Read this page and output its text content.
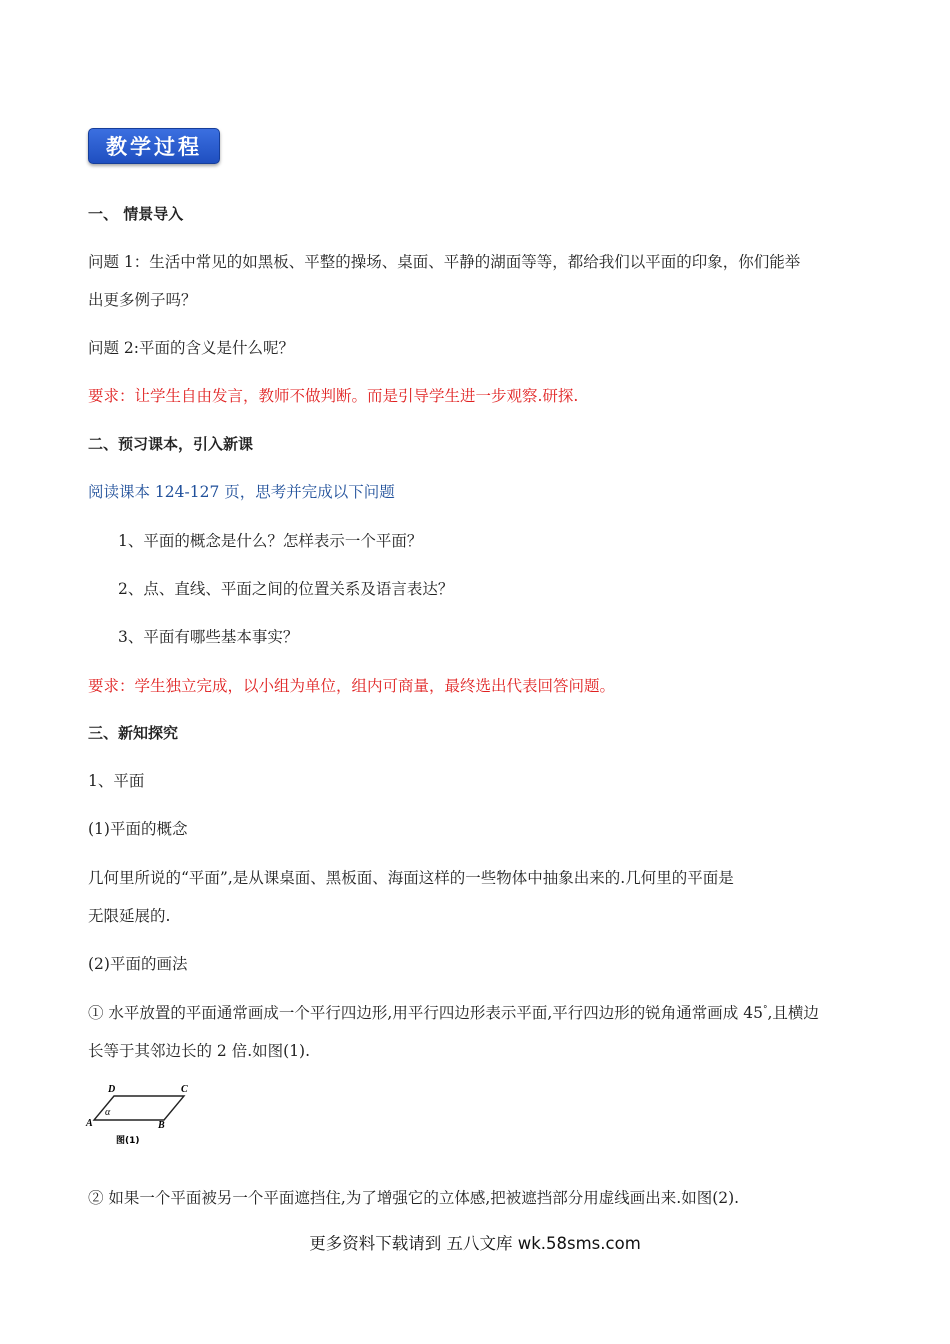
教学过程
一、 情景导入
问题 1：生活中常见的如黑板、平整的操场、桌面、平静的湖面等等，都给我们以平面的印象，你们能举
出更多例子吗？
问题 2:平面的含义是什么呢？
要求：让学生自由发言，教师不做判断。而是引导学生进一步观察.研探.
二、预习课本，引入新课
阅读课本 124-127 页，思考并完成以下问题
1、平面的概念是什么？怎样表示一个平面？
2、点、直线、平面之间的位置关系及语言表达？
3、平面有哪些基本事实？
要求：学生独立完成，以小组为单位，组内可商量，最终选出代表回答问题。
三、新知探究
1、平面
(1)平面的概念
几何里所说的“平面”,是从课桌面、黑板面、海面这样的一些物体中抽象出来的.几何里的平面是
无限延展的.
(2)平面的画法
① 水平放置的平面通常画成一个平行四边形,用平行四边形表示平面,平行四边形的锐角通常画成 45°,且横边
长等于其邻边长的 2 倍.如图(1).
D	C
A	B
α
图(1)
② 如果一个平面被另一个平面遮挡住,为了增强它的立体感,把被遮挡部分用虚线画出来.如图(2).
更多资料下载请到 五八文库 wk.58sms.com
